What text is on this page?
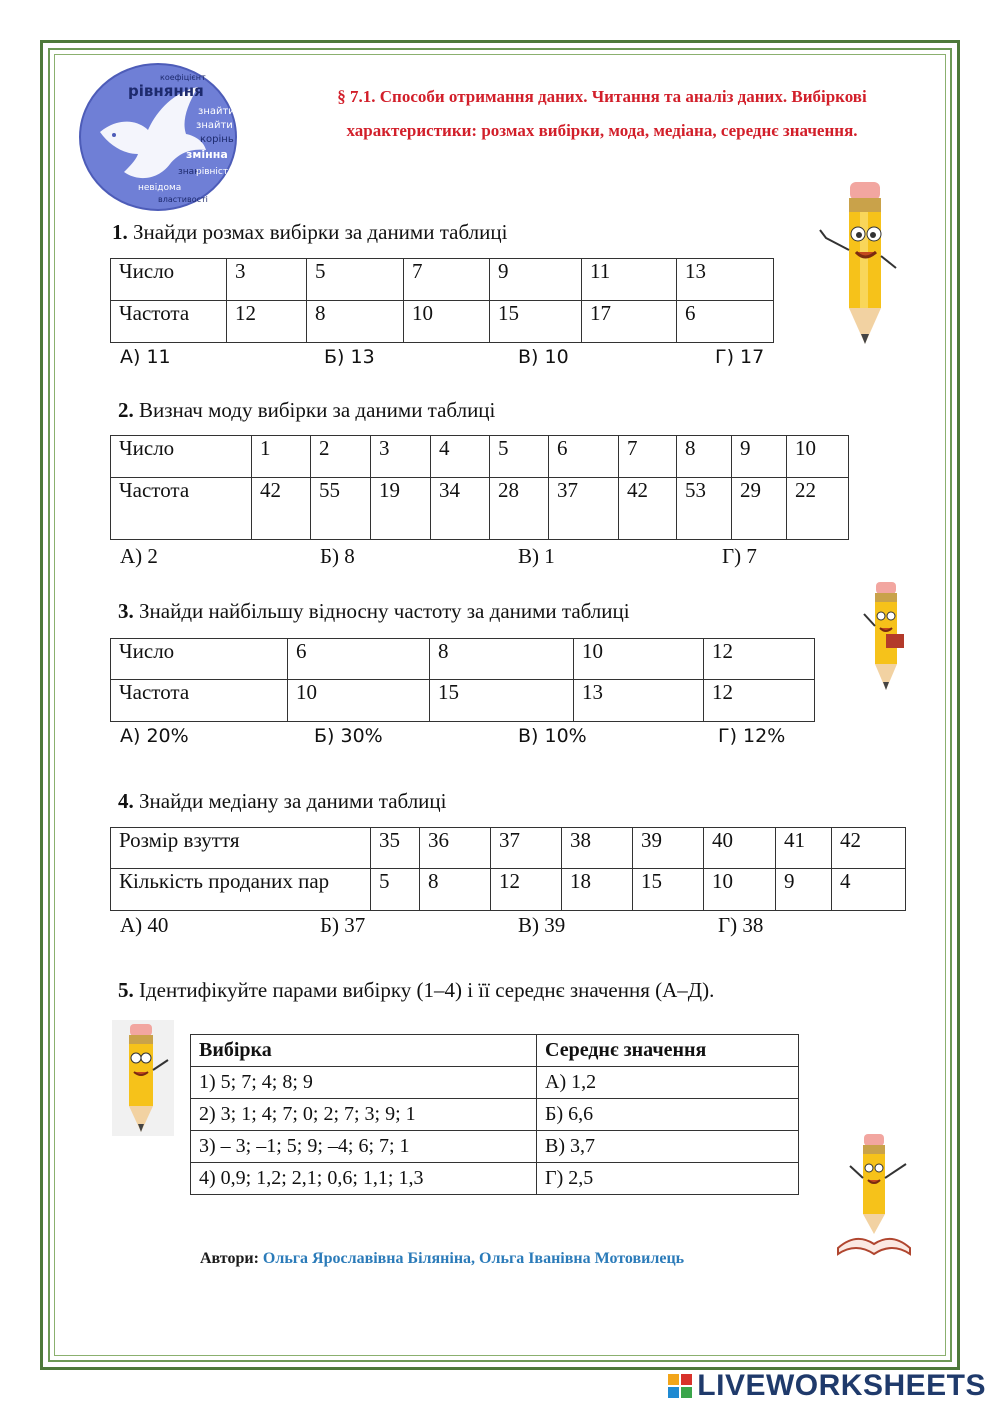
коефіцієнт
рівняння
знайти
знайти
корінь
змінна
знак
рівність
невідома
властивості
§ 7.1. Способи отримання даних. Читання та аналіз даних. Вибіркові
характеристики: розмах вибірки, мода, медіана, середнє значення.
1. Знайди розмах вибірки за даними таблиці
Число	3	5	7	9	11	13
Частота	12	8	10	15	17	6
А) 11	Б) 13	В) 10	Г) 17
2. Визнач моду вибірки за даними таблиці
Число	1	2	3	4	5	6	7	8	9	10
Частота	42	55	19	34	28	37	42	53	29	22
А) 2	Б) 8	В) 1	Г) 7
3. Знайди найбільшу відносну частоту за даними таблиці
Число	6	8	10	12
Частота	10	15	13	12
А) 20%	Б) 30%	В) 10%	Г) 12%
4. Знайди медіану за даними таблиці
Розмір взуття	35	36	37	38	39	40	41	42
Кількість проданих пар	5	8	12	18	15	10	9	4
А) 40	Б) 37	В) 39	Г) 38
5. Ідентифікуйте парами вибірку (1–4) і її середнє значення (А–Д).
Вибірка	Середнє значення
1) 5; 7; 4; 8; 9	А) 1,2
2) 3; 1; 4; 7; 0; 2; 7; 3; 9; 1	Б) 6,6
3) – 3; –1; 5; 9; –4; 6; 7; 1	В) 3,7
4) 0,9; 1,2; 2,1; 0,6; 1,1; 1,3	Г) 2,5
Автори: Ольга Ярославівна Біляніна, Ольга Іванівна Мотовилець
LIVEWORKSHEETS
